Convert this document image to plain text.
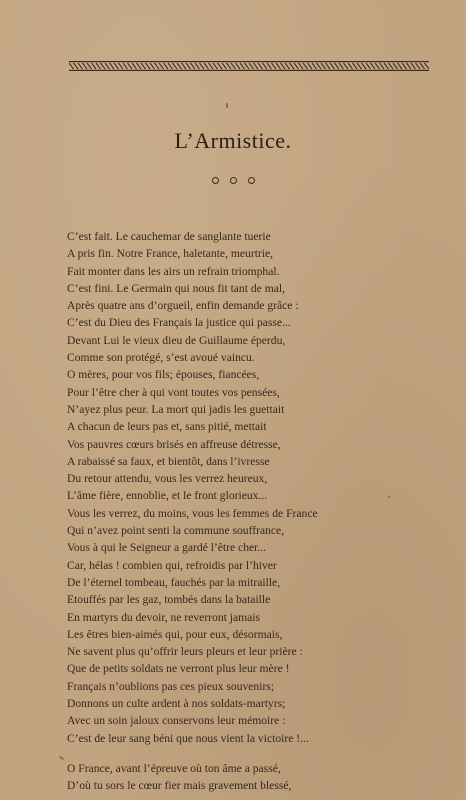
L’Armistice.
C’est fait. Le cauchemar de sanglante tuerie
A pris fin. Notre France, haletante, meurtrie,
Fait monter dans les airs un refrain triomphal.
C’est fini. Le Germain qui nous fit tant de mal,
Après quatre ans d’orgueil, enfin demande grâce :
C’est du Dieu des Français la justice qui passe...
Devant Lui le vieux dieu de Guillaume éperdu,
Comme son protégé, s’est avoué vaincu.
O mères, pour vos fils; épouses, fiancées,
Pour l’être cher à qui vont toutes vos pensées,
N’ayez plus peur. La mort qui jadis les guettait
A chacun de leurs pas et, sans pitié, mettait
Vos pauvres cœurs brisés en affreuse détresse,
A rabaissé sa faux, et bientôt, dans l’ivresse
Du retour attendu, vous les verrez heureux,
L’âme fière, ennoblie, et le front glorieux...
Vous les verrez, du moins, vous les femmes de France
Qui n’avez point senti la commune souffrance,
Vous à qui le Seigneur a gardé l’être cher...
Car, hélas ! combien qui, refroidis par l’hiver
De l’éternel tombeau, fauchés par la mitraille,
Etouffés par les gaz, tombés dans la bataille
En martyrs du devoir, ne reverront jamais
Les êtres bien-aimés qui, pour eux, désormais,
Ne savent plus qu’offrir leurs pleurs et leur prière :
Que de petits soldats ne verront plus leur mère !
Français n’oublions pas ces pieux souvenirs;
Donnons un culte ardent à nos soldats-martyrs;
Avec un soin jaloux conservons leur mémoire :
C’est de leur sang béni que nous vient la victoire !...
O France, avant l’épreuve où ton âme a passé,
D’où tu sors le cœur fier mais gravement blessé,
